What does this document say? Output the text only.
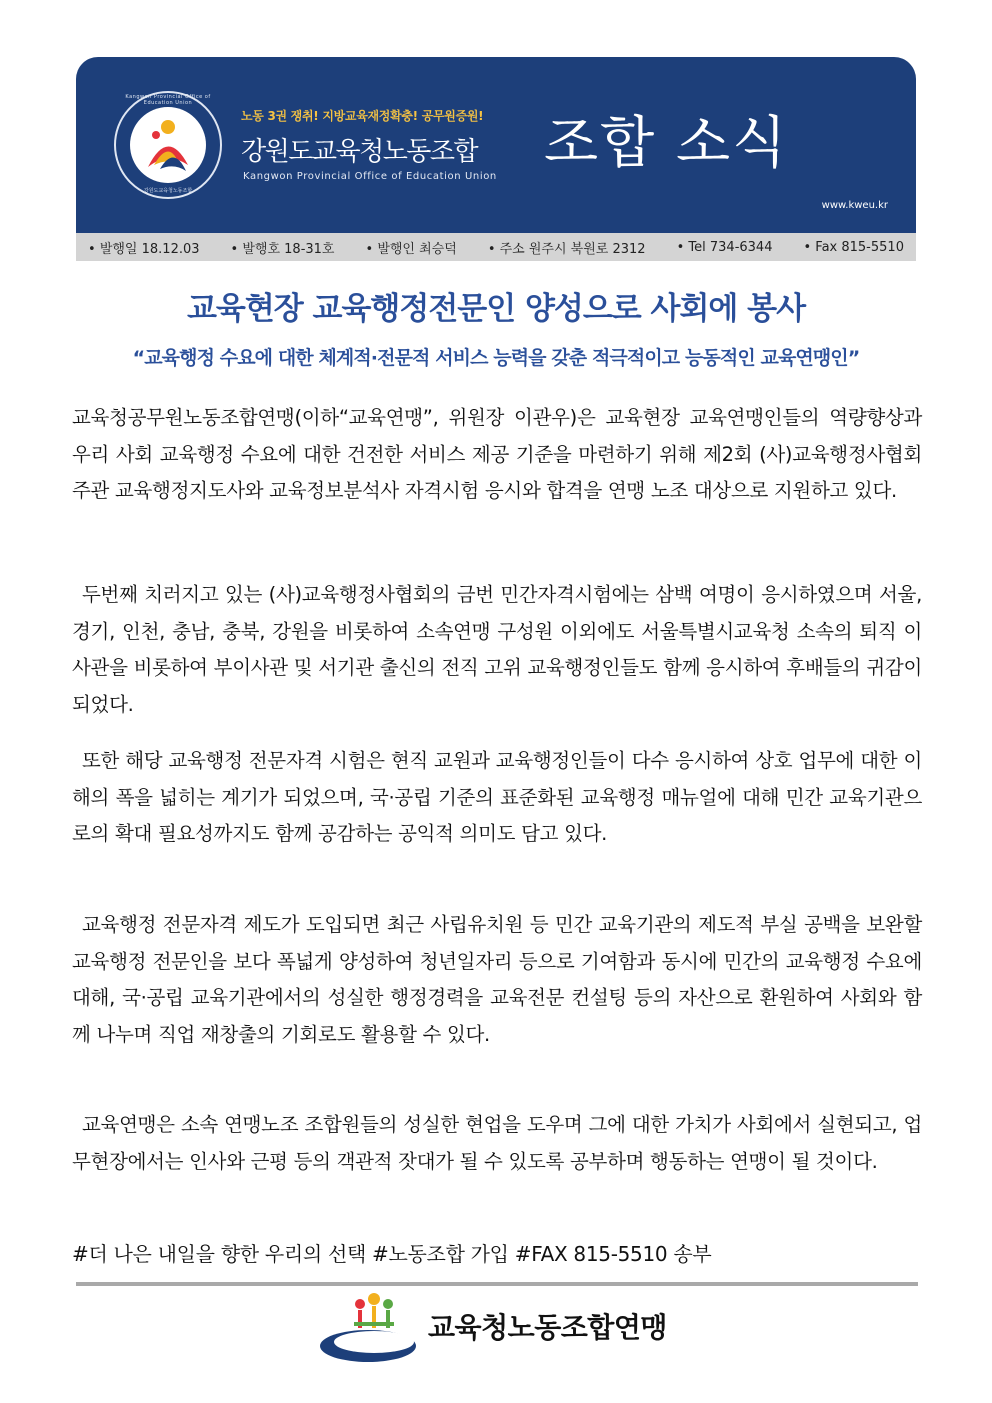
Kangwon Provincial Office of Education Union
강원도교육청노동조합
노동 3권 쟁취! 지방교육재정확충! 공무원증원!
강원도교육청노동조합
Kangwon Provincial Office of Education Union
조합 소식
www.kweu.kr
• 발행일 18.12.03	• 발행호 18-31호	• 발행인 최승덕	• 주소 원주시 북원로 2312	• Tel 734-6344	• Fax 815-5510
교육현장 교육행정전문인 양성으로 사회에 봉사
“교육행정 수요에 대한 체계적·전문적 서비스 능력을 갖춘 적극적이고 능동적인 교육연맹인”
교육청공무원노동조합연맹(이하“교육연맹”, 위원장 이관우)은 교육현장 교육연맹인들의 역량향상과 우리 사회 교육행정 수요에 대한 건전한 서비스 제공 기준을 마련하기 위해 제2회 (사)교육행정사협회 주관 교육행정지도사와 교육정보분석사 자격시험 응시와 합격을 연맹 노조 대상으로 지원하고 있다.
두번째 치러지고 있는 (사)교육행정사협회의 금번 민간자격시험에는 삼백 여명이 응시하였으며 서울, 경기, 인천, 충남, 충북, 강원을 비롯하여 소속연맹 구성원 이외에도 서울특별시교육청 소속의 퇴직 이사관을 비롯하여 부이사관 및 서기관 출신의 전직 고위 교육행정인들도 함께 응시하여 후배들의 귀감이 되었다.
또한 해당 교육행정 전문자격 시험은 현직 교원과 교육행정인들이 다수 응시하여 상호 업무에 대한 이해의 폭을 넓히는 계기가 되었으며, 국·공립 기준의 표준화된 교육행정 매뉴얼에 대해 민간 교육기관으로의 확대 필요성까지도 함께 공감하는 공익적 의미도 담고 있다.
교육행정 전문자격 제도가 도입되면 최근 사립유치원 등 민간 교육기관의 제도적 부실 공백을 보완할 교육행정 전문인을 보다 폭넓게 양성하여 청년일자리 등으로 기여함과 동시에 민간의 교육행정 수요에 대해, 국·공립 교육기관에서의 성실한 행정경력을 교육전문 컨설팅 등의 자산으로 환원하여 사회와 함께 나누며 직업 재창출의 기회로도 활용할 수 있다.
교육연맹은 소속 연맹노조 조합원들의 성실한 현업을 도우며 그에 대한 가치가 사회에서 실현되고, 업무현장에서는 인사와 근평 등의 객관적 잣대가 될 수 있도록 공부하며 행동하는 연맹이 될 것이다.
#더 나은 내일을 향한 우리의 선택 #노동조합 가입 #FAX 815-5510 송부
교육청노동조합연맹
